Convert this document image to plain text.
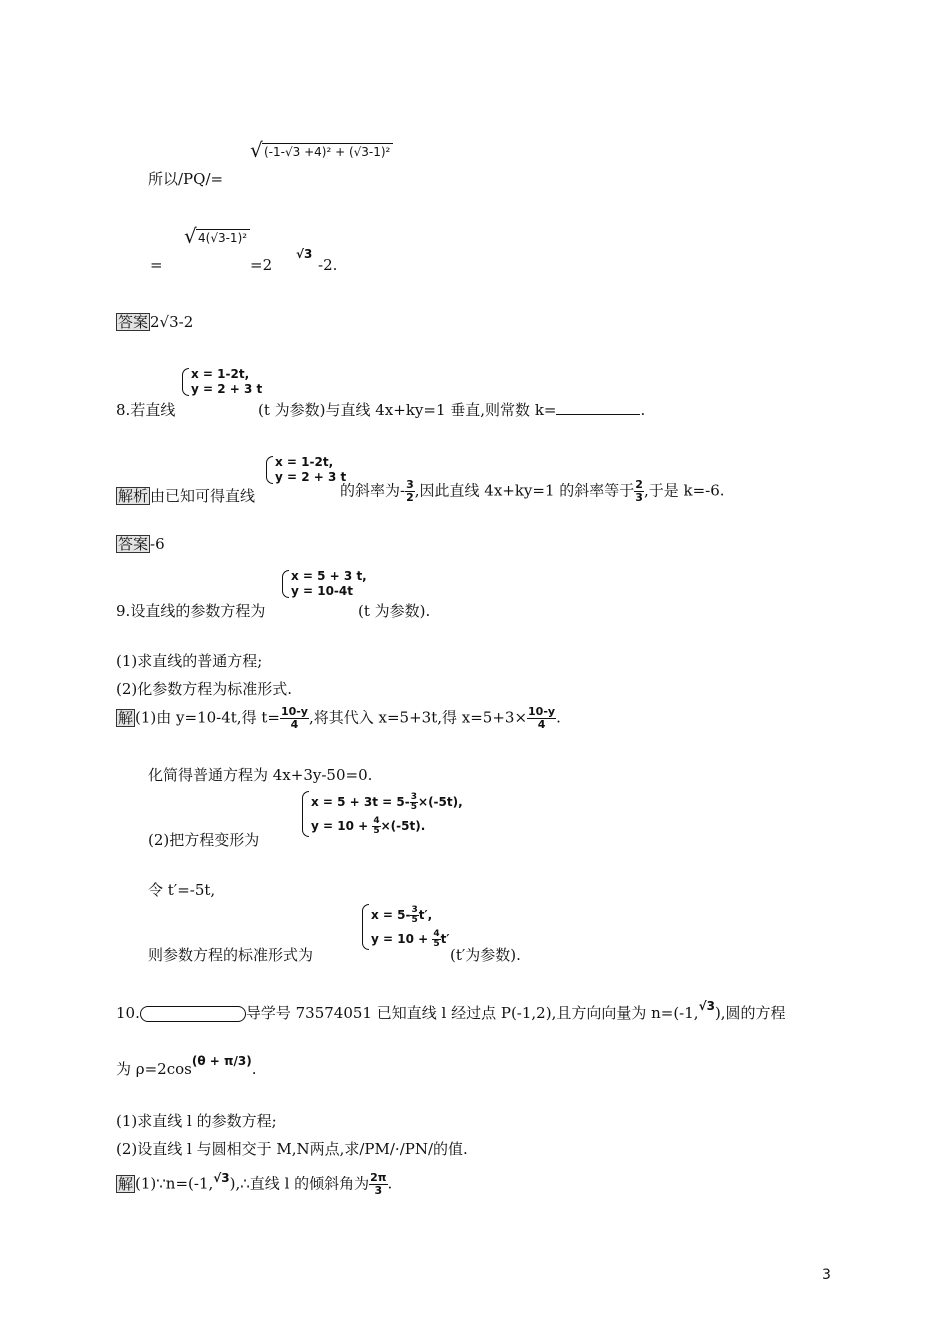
所以/PQ/=
√ (-1-√3 +4)² + (√3-1)²
=
√ 4(√3-1)²
=2
√3
-2.
答案 2√3-2
x = 1-2t,
y = 2 + 3 t
8.若直线	(t 为参数)与直线 4x+ky=1 垂直,则常数 k=	.
x = 1-2t,
y = 2 + 3 t
解析 由已知可得直线	的斜率为- $\frac{3}{2}$ ,因此直线 4x+ky=1 的斜率等于 $\frac{2}{3}$ ,于是 k=-6.
答案 -6
x = 5 + 3 t,
y = 10-4t
9.设直线的参数方程为	(t 为参数).
(1)求直线的普通方程;
(2)化参数方程为标准形式.
解 (1)由 y=10-4t,得 $t= \frac{10-y}{4}$ ,将其代入 x=5+3t,得 $x=5+3\times \frac{10-y}{4}$ .
化简得普通方程为 4x+3y-50=0.
$x = 5 + 3t = 5- \frac{3}{5} \times(-5t)$,
$y = 10 + \frac{4}{5} \times(-5t)$.
(2)把方程变形为
令 t′=-5t,
$x = 5- \frac{3}{5} t'$,
$y = 10 + \frac{4}{5} t'$
则参数方程的标准形式为	(t′为参数).
10.	导学号 73574051 已知直线 l 经过点 P(-1,2),且方向向量为 n=(-1,$^{√3}$),圆的方程
为 $\rho=2\cos^{(\theta + \pi/3)}$.
(1)求直线 l 的参数方程;
(2)设直线 l 与圆相交于 M,N两点,求/PM/·/PN/的值.
解 (1)∵n=(-1,$^{√3}$),∴直线 l 的倾斜角为 $\frac{2\pi}{3}$ .
3
